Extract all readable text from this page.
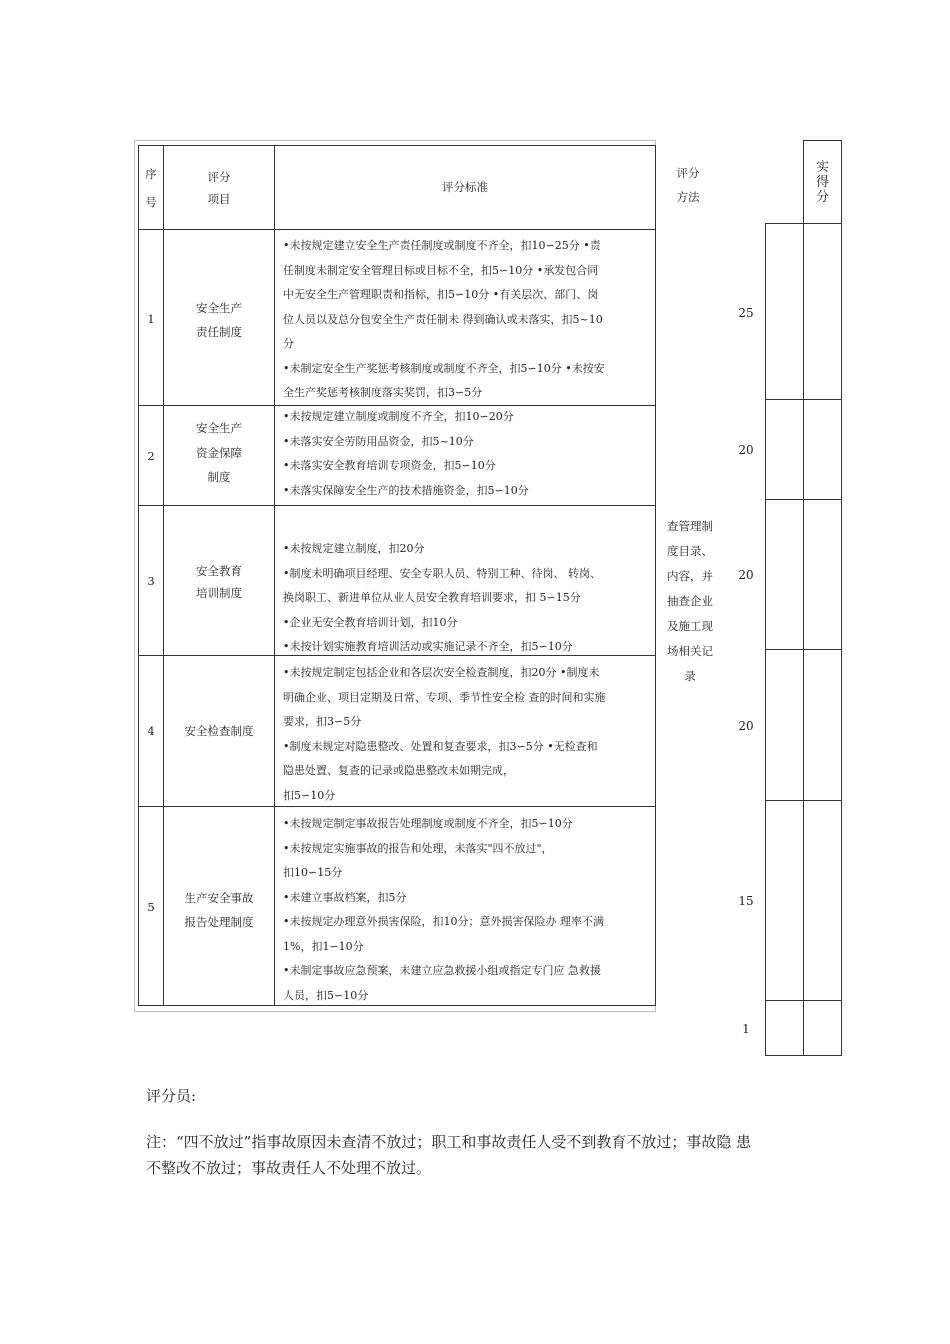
序
号
评分
项目
评分标准
评分
方法
实
得
分
1
安全生产
责任制度
•未按规定建立安全生产责任制度或制度不齐全，扣10∽25分 •责
任制度未制定安全管理目标或目标不全，扣5∽10分 •承发包合同
中无安全生产管理职责和指标，扣5∽10分 •有关层次、部门、岗
位人员以及总分包安全生产责任制未 得到确认或未落实，扣5~10
分
•未制定安全生产奖惩考核制度或制度不齐全，扣5∽10分 •未按安
全生产奖惩考核制度落实奖罚，扣3∽5分
25
2
安全生产
资金保障
制度
•未按规定建立制度或制度不齐全，扣10∽20分
•未落实安全劳防用品资金，扣5~10分
•未落实安全教育培训专项资金，扣5∽10分
•未落实保障安全生产的技术措施资金，扣5∽10分
20
3
安全教育
培训制度
•未按规定建立制度，扣20分
•制度未明确项目经理、安全专职人员、特别工种、待岗、 转岗、
换岗职工、新进单位从业人员安全教育培训要求，扣 5∽15分
•企业无安全教育培训计划，扣10分
•未按计划实施教育培训活动或实施记录不齐全，扣5∽10分
20
查管理制
度目录、
内容，并
抽查企业
及施工现
场相关记
录
4	安全检查制度
•未按规定制定包括企业和各层次安全检查制度，扣20分 •制度未
明确企业、项目定期及日常、专项、季节性安全检 查的时间和实施
要求，扣3∽5分
•制度未规定对隐患整改、处置和复查要求，扣3∽5分 •无检查和
隐患处置、复查的记录或隐患整改未如期完成，
扣5∽10分
20
5
生产安全事故
报告处理制度
•未按规定制定事故报告处理制度或制度不齐全，扣5∽10分
•未按规定实施事故的报告和处理，未落实"四不放过"，
扣10∽15分
•未建立事故档案，扣5分
•未按规定办理意外损害保险，扣10分；意外损害保险办 理率不满
1%，扣1∽10分
•未制定事故应急预案，未建立应急救援小组或指定专门应 急救援
人员，扣5∽10分
15
1
评分员:
注：“四不放过”指事故原因未查清不放过；职工和事故责任人受不到教育不放过；事故隐 患
不整改不放过；事故责任人不处理不放过。
